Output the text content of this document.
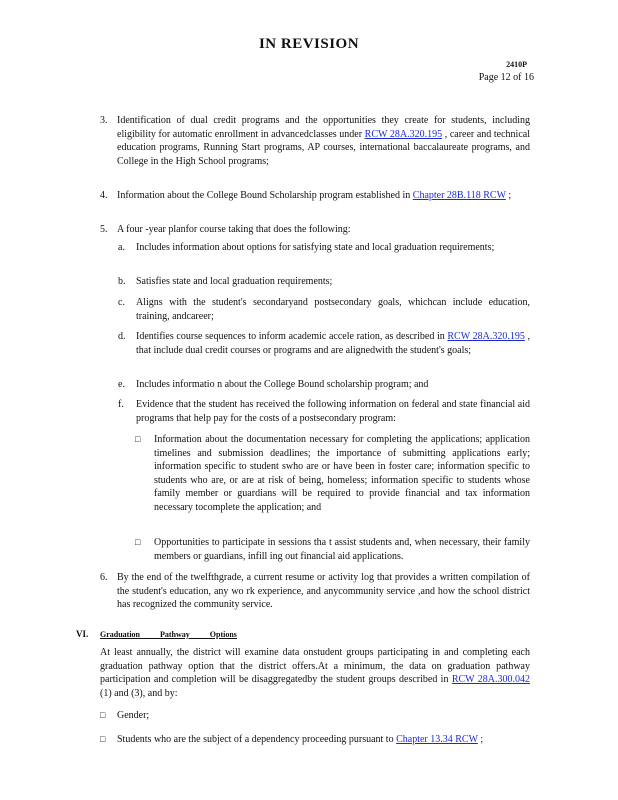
IN REVISION
2410P
Page 12 of 16
3. Identification of dual credit programs and the opportunities they create for students, including eligibility for automatic enrollment in advancedclasses under RCW 28A.320.195 , career and technical education programs, Running Start programs, AP courses, international baccalaureate programs, and College in the High School programs;
4. Information about the College Bound Scholarship program established in Chapter 28B.118 RCW ;
5. A four -year planfor course taking that does the following:
a. Includes information about options for satisfying state and local graduation requirements;
b. Satisfies state and local graduation requirements;
c. Aligns with the student's secondaryand postsecondary goals, whichcan include education, training, andcareer;
d. Identifies course sequences to inform academic accele ration, as described in RCW 28A.320.195 , that include dual credit courses or programs and are alignedwith the student's goals;
e. Includes informatio n about the College Bound scholarship program; and
f. Evidence that the student has received the following information on federal and state financial aid programs that help pay for the costs of a postsecondary program:
□ Information about the documentation necessary for completing the applications; application timelines and submission deadlines; the importance of submitting applications early; information specific to student swho are or have been in foster care; information specific to students who are, or are at risk of being, homeless; information specific to students whose family member or guardians will be required to provide financial and tax information necessary tocomplete the application; and
□ Opportunities to participate in sessions tha t assist students and, when necessary, their family members or guardians, infill ing out financial aid applications.
6. By the end of the twelfthgrade, a current resume or activity log that provides a written compilation of the student's education, any wo rk experience, and anycommunity service ,and how the school district has recognized the community service.
VI. Graduation Pathway Options
At least annually, the district will examine data onstudent groups participating in and completing each graduation pathway option that the district offers.At a minimum, the data on graduation pathway participation and completion will be disaggregatedby the student groups described in RCW 28A.300.042 (1) and (3), and by:
□ Gender;
□ Students who are the subject of a dependency proceeding pursuant to Chapter 13.34 RCW ;
